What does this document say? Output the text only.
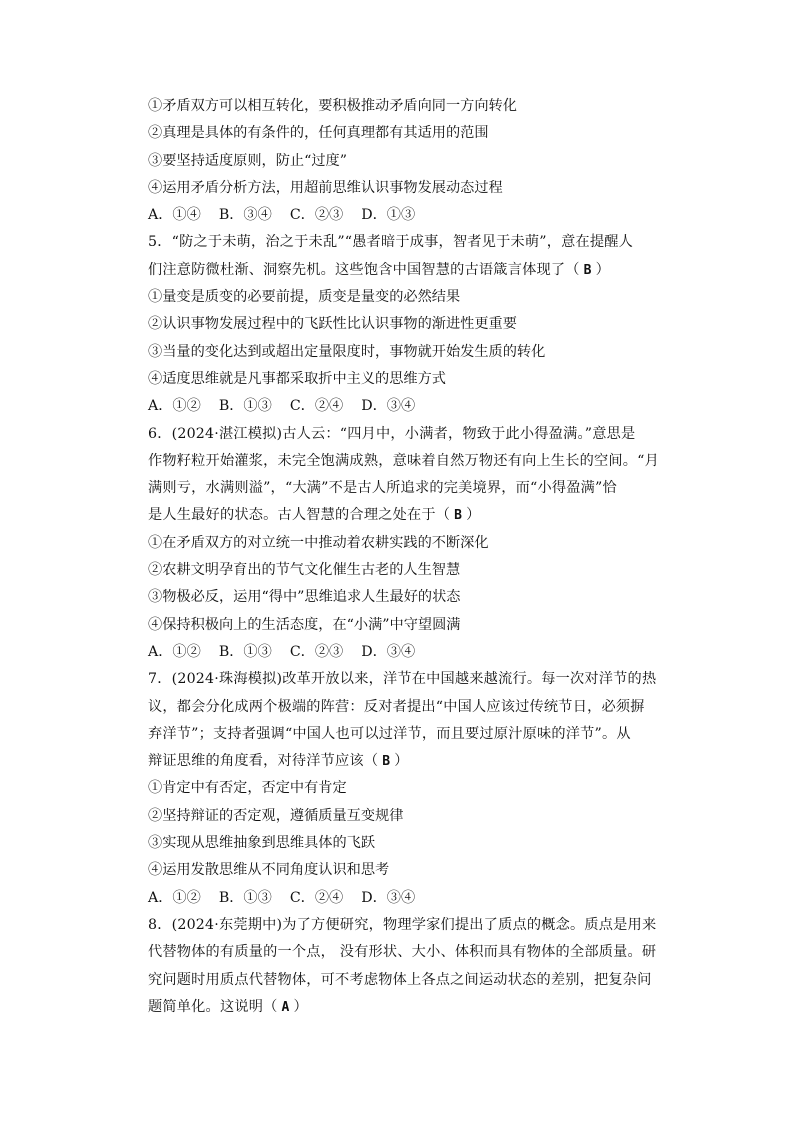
①矛盾双方可以相互转化，要积极推动矛盾向同一方向转化
②真理是具体的有条件的，任何真理都有其适用的范围
③要坚持适度原则，防止“过度”
④运用矛盾分析方法，用超前思维认识事物发展动态过程
A．①④ B．③④ C．②③ D．①③
5．“防之于未萌，治之于未乱”“愚者暗于成事，智者见于未萌”，意在提醒人
们注意防微杜渐、洞察先机。这些饱含中国智慧的古语箴言体现了（ B ）
①量变是质变的必要前提，质变是量变的必然结果
②认识事物发展过程中的飞跃性比认识事物的渐进性更重要
③当量的变化达到或超出定量限度时，事物就开始发生质的转化
④适度思维就是凡事都采取折中主义的思维方式
A．①② B．①③ C．②④ D．③④
6．(2024·湛江模拟)古人云：“四月中，小满者，物致于此小得盈满。”意思是
作物籽粒开始灌浆，未完全饱满成熟，意味着自然万物还有向上生长的空间。“月
满则亏，水满则溢”，“大满”不是古人所追求的完美境界，而“小得盈满”恰
是人生最好的状态。古人智慧的合理之处在于（ B ）
①在矛盾双方的对立统一中推动着农耕实践的不断深化
②农耕文明孕育出的节气文化催生古老的人生智慧
③物极必反，运用“得中”思维追求人生最好的状态
④保持积极向上的生活态度，在“小满”中守望圆满
A．①② B．①③ C．②③ D．③④
7．(2024·珠海模拟)改革开放以来，洋节在中国越来越流行。每一次对洋节的热
议，都会分化成两个极端的阵营：反对者提出“中国人应该过传统节日，必须摒
弃洋节”；支持者强调“中国人也可以过洋节，而且要过原汁原味的洋节”。从
辩证思维的角度看，对待洋节应该（ B ）
①肯定中有否定，否定中有肯定
②坚持辩证的否定观，遵循质量互变规律
③实现从思维抽象到思维具体的飞跃
④运用发散思维从不同角度认识和思考
A．①② B．①③ C．②④ D．③④
8．(2024·东莞期中)为了方便研究，物理学家们提出了质点的概念。质点是用来
代替物体的有质量的一个点， 没有形状、大小、体积而具有物体的全部质量。研
究问题时用质点代替物体，可不考虑物体上各点之间运动状态的差别，把复杂问
题简单化。这说明（ A ）
